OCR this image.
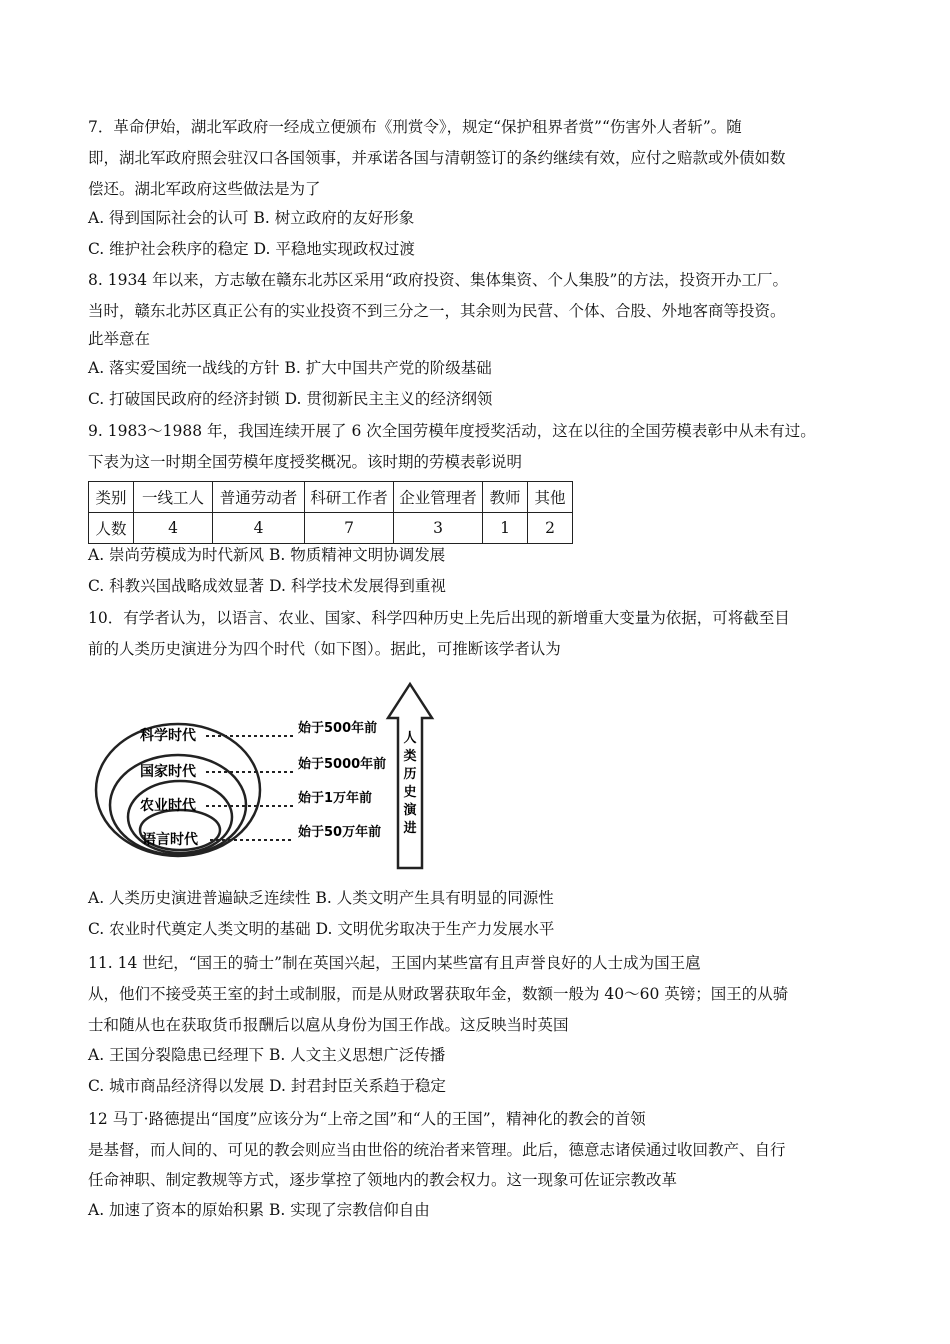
7．革命伊始，湖北军政府一经成立便颁布《刑赏令》，规定“保护租界者赏”“伤害外人者斩”。随
即，湖北军政府照会驻汉口各国领事，并承诺各国与清朝签订的条约继续有效，应付之赔款或外债如数
偿还。湖北军政府这些做法是为了
A. 得到国际社会的认可 B. 树立政府的友好形象
C. 维护社会秩序的稳定 D. 平稳地实现政权过渡
8. 1934 年以来，方志敏在赣东北苏区采用“政府投资、集体集资、个人集股”的方法，投资开办工厂。
当时，赣东北苏区真正公有的实业投资不到三分之一，其余则为民营、个体、合股、外地客商等投资。
此举意在
A. 落实爱国统一战线的方针 B. 扩大中国共产党的阶级基础
C. 打破国民政府的经济封锁 D. 贯彻新民主主义的经济纲领
9. 1983～1988 年，我国连续开展了 6 次全国劳模年度授奖活动，这在以往的全国劳模表彰中从未有过。
下表为这一时期全国劳模年度授奖概况。该时期的劳模表彰说明
类别	一线工人	普通劳动者	科研工作者	企业管理者	教师	其他
人数	4	4	7	3	1	2
A. 崇尚劳模成为时代新风 B. 物质精神文明协调发展
C. 科教兴国战略成效显著 D. 科学技术发展得到重视
10．有学者认为，以语言、农业、国家、科学四种历史上先后出现的新增重大变量为依据，可将截至目
前的人类历史演进分为四个时代（如下图）。据此，可推断该学者认为
科学时代
国家时代
农业时代
语言时代
始于500年前
始于5000年前
始于1万年前
始于50万年前
人
类
历
史
演
进
A. 人类历史演进普遍缺乏连续性 B. 人类文明产生具有明显的同源性
C. 农业时代奠定人类文明的基础 D. 文明优劣取决于生产力发展水平
11. 14 世纪，“国王的骑士”制在英国兴起，王国内某些富有且声誉良好的人士成为国王扈
从，他们不接受英王室的封土或制服，而是从财政署获取年金，数额一般为 40～60 英镑；国王的从骑
士和随从也在获取货币报酬后以扈从身份为国王作战。这反映当时英国
A. 王国分裂隐患已经理下 B. 人文主义思想广泛传播
C. 城市商品经济得以发展 D. 封君封臣关系趋于稳定
12 马丁·路德提出“国度”应该分为“上帝之国”和“人的王国”，精神化的教会的首领
是基督，而人间的、可见的教会则应当由世俗的统治者来管理。此后，德意志诸侯通过收回教产、自行
任命神职、制定教规等方式，逐步掌控了领地内的教会权力。这一现象可佐证宗教改革
A. 加速了资本的原始积累 B. 实现了宗教信仰自由
